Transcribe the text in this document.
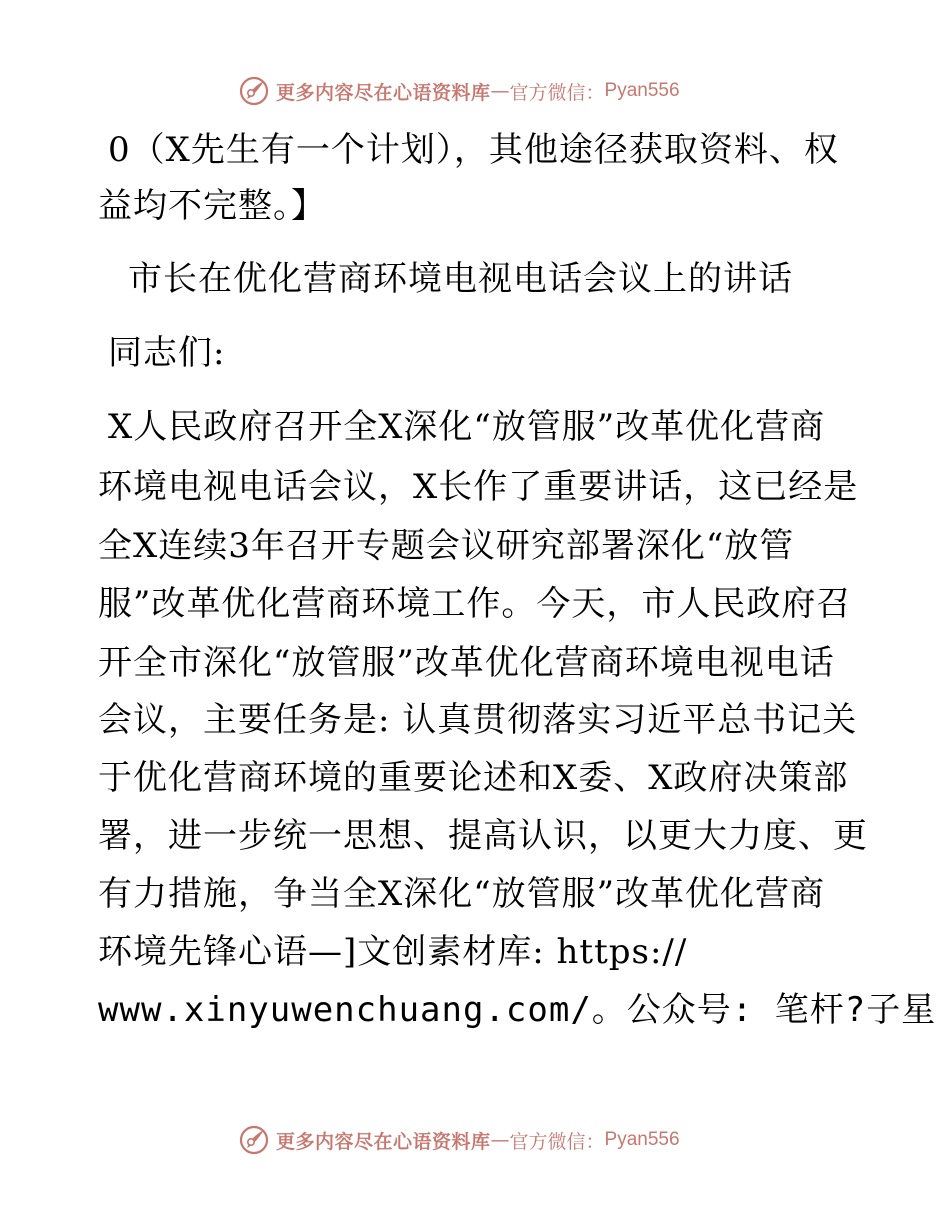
更多内容尽在心语资料库 — 官方微信： Pyan556
0（X先生有一个计划），其他途径获取资料、权
益均不完整。】
市长在优化营商环境电视电话会议上的讲话
同志们:
X人民政府召开全X深化“放管服”改革优化营商
环境电视电话会议，X长作了重要讲话，这已经是
全X连续3年召开专题会议研究部署深化“放管
服”改革优化营商环境工作。今天，市人民政府召
开全市深化“放管服”改革优化营商环境电视电话
会议，主要任务是: 认真贯彻落实习近平总书记关
于优化营商环境的重要论述和X委、X政府决策部
署，进一步统一思想、提高认识，以更大力度、更
有力措施，争当全X深化“放管服”改革优化营商
环境先锋心语—]文创素材库: https://
www.xinyuwenchuang.com/。公众号: 笔杆?子星
更多内容尽在心语资料库 — 官方微信： Pyan556
